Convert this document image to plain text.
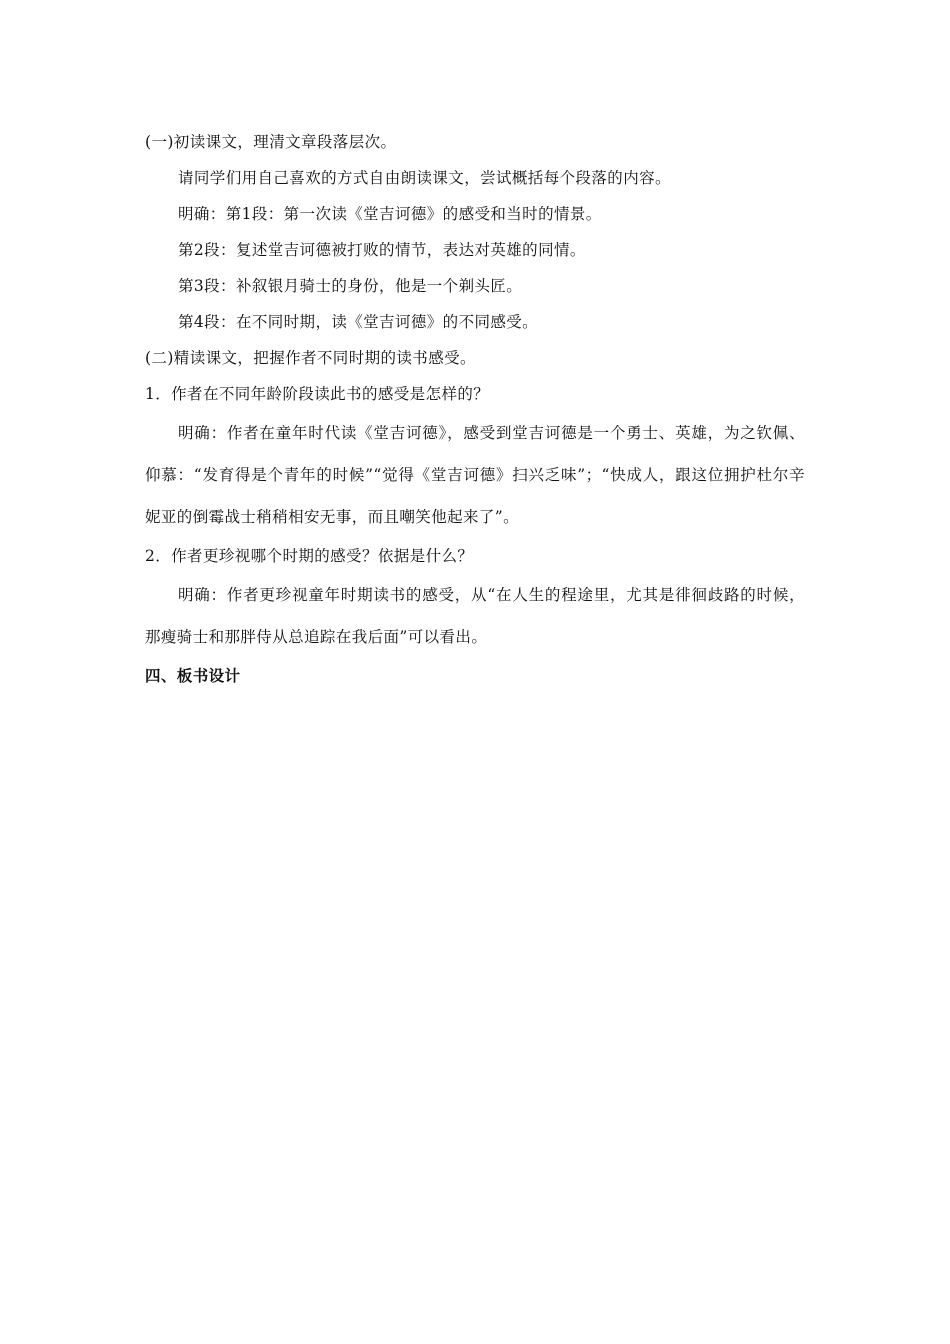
(一)初读课文，理清文章段落层次。
请同学们用自己喜欢的方式自由朗读课文，尝试概括每个段落的内容。
明确：第1段：第一次读《堂吉诃德》的感受和当时的情景。
第2段：复述堂吉诃德被打败的情节，表达对英雄的同情。
第3段：补叙银月骑士的身份，他是一个剃头匠。
第4段：在不同时期，读《堂吉诃德》的不同感受。
(二)精读课文，把握作者不同时期的读书感受。
1．作者在不同年龄阶段读此书的感受是怎样的？
明确：作者在童年时代读《堂吉诃德》，感受到堂吉诃德是一个勇士、英雄，为之钦佩、仰慕：“发育得是个青年的时候”“觉得《堂吉诃德》扫兴乏味”；“快成人，跟这位拥护杜尔辛妮亚的倒霉战士稍稍相安无事，而且嘲笑他起来了”。
2．作者更珍视哪个时期的感受？依据是什么？
明确：作者更珍视童年时期读书的感受，从“在人生的程途里，尤其是徘徊歧路的时候，那瘦骑士和那胖侍从总追踪在我后面”可以看出。
四、板书设计
